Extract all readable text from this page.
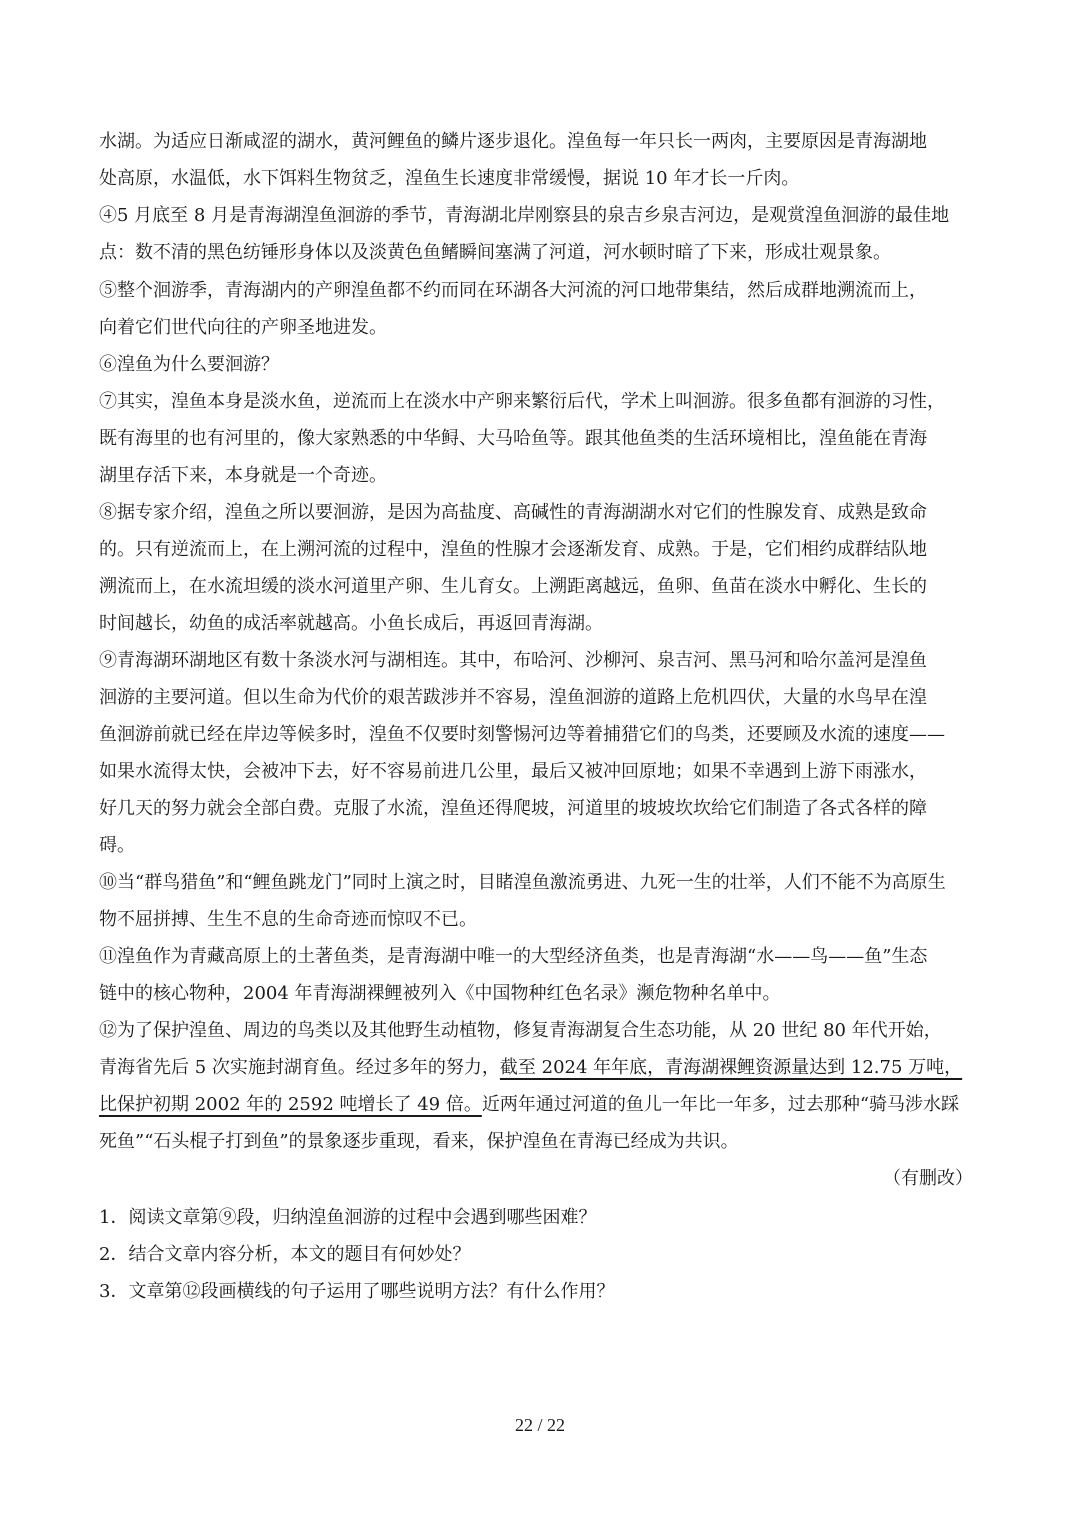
水湖。为适应日渐咸涩的湖水，黄河鲤鱼的鳞片逐步退化。湟鱼每一年只长一两肉，主要原因是青海湖地
处高原，水温低，水下饵料生物贫乏，湟鱼生长速度非常缓慢，据说 10 年才长一斤肉。
④5 月底至 8 月是青海湖湟鱼洄游的季节，青海湖北岸刚察县的泉吉乡泉吉河边，是观赏湟鱼洄游的最佳地
点：数不清的黑色纺锤形身体以及淡黄色鱼鳍瞬间塞满了河道，河水顿时暗了下来，形成壮观景象。
⑤整个洄游季，青海湖内的产卵湟鱼都不约而同在环湖各大河流的河口地带集结，然后成群地溯流而上，
向着它们世代向往的产卵圣地进发。
⑥湟鱼为什么要洄游？
⑦其实，湟鱼本身是淡水鱼，逆流而上在淡水中产卵来繁衍后代，学术上叫洄游。很多鱼都有洄游的习性，
既有海里的也有河里的，像大家熟悉的中华鲟、大马哈鱼等。跟其他鱼类的生活环境相比，湟鱼能在青海
湖里存活下来，本身就是一个奇迹。
⑧据专家介绍，湟鱼之所以要洄游，是因为高盐度、高碱性的青海湖湖水对它们的性腺发育、成熟是致命
的。只有逆流而上，在上溯河流的过程中，湟鱼的性腺才会逐渐发育、成熟。于是，它们相约成群结队地
溯流而上，在水流坦缓的淡水河道里产卵、生儿育女。上溯距离越远，鱼卵、鱼苗在淡水中孵化、生长的
时间越长，幼鱼的成活率就越高。小鱼长成后，再返回青海湖。
⑨青海湖环湖地区有数十条淡水河与湖相连。其中，布哈河、沙柳河、泉吉河、黑马河和哈尔盖河是湟鱼
洄游的主要河道。但以生命为代价的艰苦跋涉并不容易，湟鱼洄游的道路上危机四伏，大量的水鸟早在湟
鱼洄游前就已经在岸边等候多时，湟鱼不仅要时刻警惕河边等着捕猎它们的鸟类，还要顾及水流的速度——
如果水流得太快，会被冲下去，好不容易前进几公里，最后又被冲回原地；如果不幸遇到上游下雨涨水，
好几天的努力就会全部白费。克服了水流，湟鱼还得爬坡，河道里的坡坡坎坎给它们制造了各式各样的障
碍。
⑩当“群鸟猎鱼”和“鲤鱼跳龙门”同时上演之时，目睹湟鱼激流勇进、九死一生的壮举，人们不能不为高原生
物不屈拼搏、生生不息的生命奇迹而惊叹不已。
⑪湟鱼作为青藏高原上的土著鱼类，是青海湖中唯一的大型经济鱼类，也是青海湖“水——鸟——鱼”生态
链中的核心物种，2004 年青海湖裸鲤被列入《中国物种红色名录》濒危物种名单中。
⑫为了保护湟鱼、周边的鸟类以及其他野生动植物，修复青海湖复合生态功能，从 20 世纪 80 年代开始，
青海省先后 5 次实施封湖育鱼。经过多年的努力，截至 2024 年年底，青海湖裸鲤资源量达到 12.75 万吨，
比保护初期 2002 年的 2592 吨增长了 49 倍。近两年通过河道的鱼儿一年比一年多，过去那种“骑马涉水踩
死鱼”“石头棍子打到鱼”的景象逐步重现，看来，保护湟鱼在青海已经成为共识。
（有删改）
1．阅读文章第⑨段，归纳湟鱼洄游的过程中会遇到哪些困难？
2．结合文章内容分析，本文的题目有何妙处？
3．文章第⑫段画横线的句子运用了哪些说明方法？有什么作用？
22 / 22
